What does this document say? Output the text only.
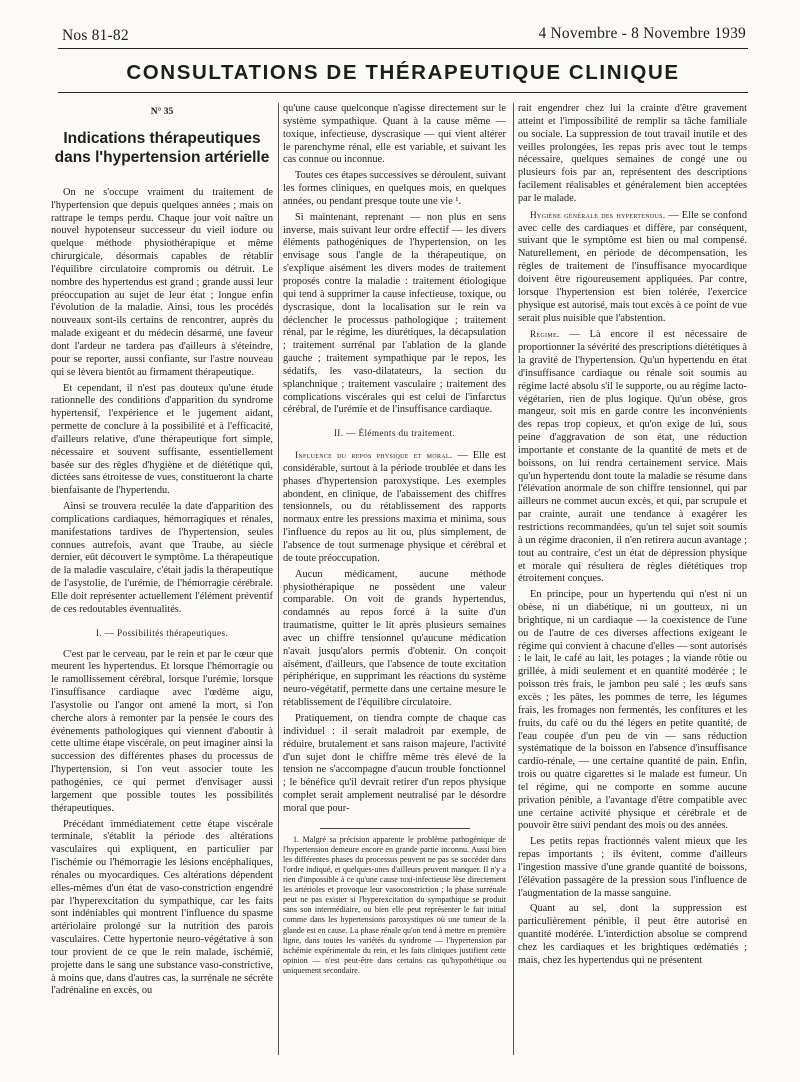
Nos 81-82	4 Novembre - 8 Novembre 1939
CONSULTATIONS DE THÉRAPEUTIQUE CLINIQUE
N° 35
Indications thérapeutiques
dans l'hypertension artérielle

On ne s'occupe vraiment du traitement de l'hypertension que depuis quelques années ; mais on rattrape le temps perdu. Chaque jour voit naître un nouvel hypotenseur successeur du vieil iodure ou quelque méthode physiothérapique et même chirurgicale, désormais capables de rétablir l'équilibre circulatoire compromis ou détruit. Le nombre des hypertendus est grand ; grande aussi leur préoccupation au sujet de leur état ; longue enfin l'évolution de la maladie. Ainsi, tous les procédés nouveaux sont-ils certains de rencontrer, auprès du malade exigeant et du médecin désarmé, une faveur dont l'ardeur ne tardera pas d'ailleurs à s'éteindre, pour se reporter, aussi confiante, sur l'astre nouveau qui se lèvera bientôt au firmament thérapeutique.

Et cependant, il n'est pas douteux qu'une étude rationnelle des conditions d'apparition du syndrome hypertensif, l'expérience et le jugement aidant, permette de conclure à la possibilité et à l'efficacité, d'ailleurs relative, d'une thérapeutique fort simple, nécessaire et souvent suffisante, essentiellement basée sur des règles d'hygiène et de diététique qui, dictées sans étroitesse de vues, constitueront la charte bienfaisante de l'hypertendu.

Ainsi se trouvera reculée la date d'apparition des complications cardiaques, hémorragiques et rénales, manifestations tardives de l'hypertension, seules connues autrefois, avant que Traube, au siècle dernier, eût découvert le symptôme. La thérapeutique de la maladie vasculaire, c'était jadis la thérapeutique de l'asystolie, de l'urémie, de l'hémorragie cérébrale. Elle doit représenter actuellement l'élément préventif de ces redoutables éventualités.

I. — Possibilités thérapeutiques.

C'est par le cerveau, par le rein et par le cœur que meurent les hypertendus. Et lorsque l'hémorragie ou le ramollissement cérébral, lorsque l'urémie, lorsque l'insuffisance cardiaque avec l'œdème aigu, l'asystolie ou l'angor ont amené la mort, si l'on cherche alors à remonter par la pensée le cours des événements pathologiques qui viennent d'aboutir à cette ultime étape viscérale, on peut imaginer ainsi la succession des différentes phases du processus de l'hypertension, si l'on veut associer toute les pathogénies, ce qui permet d'envisager aussi largement que possible toutes les possibilités thérapeutiques.

Précédant immédiatement cette étape viscérale terminale, s'établit la période des altérations vasculaires qui expliquent, en particulier par l'ischémie ou l'hémorragie les lésions encéphaliques, rénales ou myocardiques. Ces altérations dépendent elles-mêmes d'un état de vaso-constriction engendré par l'hyperexcitation du sympathique, car les faits sont indéniables qui montrent l'influence du spasme artériolaire prolongé sur la nutrition des parois vasculaires. Cette hypertonie neuro-végétative à son tour provient de ce que le rein malade, ischémié, projette dans le sang une substance vaso-constrictive, à moins que, dans d'autres cas, la surrénale ne sécrète l'adrénaline en excès, ou

qu'une cause quelconque n'agisse directement sur le système sympathique. Quant à la cause même — toxique, infectieuse, dyscrasique — qui vient altérer le parenchyme rénal, elle est variable, et suivant les cas connue ou inconnue.

Toutes ces étapes successives se déroulent, suivant les formes cliniques, en quelques mois, en quelques années, ou pendant presque toute une vie ¹.

Si maintenant, reprenant — non plus en sens inverse, mais suivant leur ordre effectif — les divers éléments pathogéniques de l'hypertension, on les envisage sous l'angle de la thérapeutique, on s'explique aisément les divers modes de traitement proposés contre la maladie : traitement étiologique qui tend à supprimer la cause infectieuse, toxique, ou dyscrasique, dont la localisation sur le rein va déclencher le processus pathologique ; traitement rénal, par le régime, les diurétiques, la décapsulation ; traitement surrénal par l'ablation de la glande gauche ; traitement sympathique par le repos, les sédatifs, les vaso-dilatateurs, la section du splanchnique ; traitement vasculaire ; traitement des complications viscérales qui est celui de l'infarctus cérébral, de l'urémie et de l'insuffisance cardiaque.

II. — Éléments du traitement.

Influence du repos physique et moral. — Elle est considérable, surtout à la période troublée et dans les phases d'hypertension paroxystique. Les exemples abondent, en clinique, de l'abaissement des chiffres tensionnels, ou du rétablissement des rapports normaux entre les pressions maxima et minima, sous l'influence du repos au lit ou, plus simplement, de l'absence de tout surmenage physique et cérébral et de toute préoccupation.

Aucun médicament, aucune méthode physiothérapique ne possèdent une valeur comparable. On voit de grands hypertendus, condamnés au repos forcé à la suite d'un traumatisme, quitter le lit après plusieurs semaines avec un chiffre tensionnel qu'aucune médication n'avait jusqu'alors permis d'obtenir. On conçoit aisément, d'ailleurs, que l'absence de toute excitation périphérique, en supprimant les réactions du système neuro-végétatif, permette dans une certaine mesure le rétablissement de l'équilibre circulatoire.

Pratiquement, on tiendra compte de chaque cas individuel : il serait maladroit par exemple, de réduire, brutalement et sans raison majeure, l'activité d'un sujet dont le chiffre même très élevé de la tension ne s'accompagne d'aucun trouble fonctionnel ; le bénéfice qu'il devrait retirer d'un repos physique complet serait amplement neutralisé par le désordre moral que pour-

1. Malgré sa précision apparente le problème pathogénique de l'hypertension demeure encore en grande partie inconnu. Aussi bien les différentes phases du processus peuvent ne pas se succéder dans l'ordre indiqué, et quelques-unes d'ailleurs peuvent manquer. Il n'y a rien d'impossible à ce qu'une cause toxi-infectieuse lèse directement les artérioles et provoque leur vasoconstriction ; la phase surrénale peut ne pas exister si l'hyperexcitation du sympathique se produit sans son intermédiaire, ou bien elle peut représenter le fait initial comme dans les hypertensions paroxystiques où une tumeur de la glande est en cause. La phase rénale qu'on tend à mettre en première ligne, dans toutes les variétés du syndrome — l'hypertension par ischémie expérimentale du rein, et les faits cliniques justifient cette opinion — n'est peut-être dans certains cas qu'hypothétique ou uniquement secondaire.

rait engendrer chez lui la crainte d'être gravement atteint et l'impossibilité de remplir sa tâche familiale ou sociale. La suppression de tout travail inutile et des veilles prolongées, les repas pris avec tout le temps nécessaire, quelques semaines de congé une ou plusieurs fois par an, représentent des descriptions facilement réalisables et généralement bien acceptées par le malade.

Hygiène générale des hypertendus. — Elle se confond avec celle des cardiaques et diffère, par conséquent, suivant que le symptôme est bien ou mal compensé. Naturellement, en période de décompensation, les règles de traitement de l'insuffisance myocardique doivent être rigoureusement appliquées. Par contre, lorsque l'hypertension est bien tolérée, l'exercice physique est autorisé, mais tout excès à ce point de vue serait plus nuisible que l'abstention.

Régime. — Là encore il est nécessaire de proportionner la sévérité des prescriptions diététiques à la gravité de l'hypertension. Qu'un hypertendu en état d'insuffisance cardiaque ou rénale soit soumis au régime lacté absolu s'il le supporte, ou au régime lacto-végétarien, rien de plus logique. Qu'un obèse, gros mangeur, soit mis en garde contre les inconvénients des repas trop copieux, et qu'on exige de lui, sous peine d'aggravation de son état, une réduction importante et constante de la quantité de mets et de boissons, on lui rendra certainement service. Mais qu'un hypertendu dont toute la maladie se résume dans l'élévation anormale de son chiffre tensionnel, qui par ailleurs ne commet aucun excès, et qui, par scrupule et par crainte, aurait une tendance à exagérer les restrictions recommandées, qu'un tel sujet soit soumis à un régime draconien, il n'en retirera aucun avantage ; tout au contraire, c'est un état de dépression physique et morale qui résultera de règles diététiques trop étroitement conçues.

En principe, pour un hypertendu qui n'est ni un obèse, ni un diabétique, ni un goutteux, ni un brightique, ni un cardiaque — la coexistence de l'une ou de l'autre de ces diverses affections exigeant le régime qui convient à chacune d'elles — sont autorisés : le lait, le café au lait, les potages ; la viande rôtie ou grillée, à midi seulement et en quantité modérée ; le poisson très frais, le jambon peu salé ; les œufs sans excès ; les pâtes, les pommes de terre, les légumes frais, les fromages non fermentés, les confitures et les fruits, du café ou du thé légers en petite quantité, de l'eau coupée d'un peu de vin — sans réduction systématique de la boisson en l'absence d'insuffisance cardio-rénale, — une certaine quantité de pain. Enfin, trois ou quatre cigarettes si le malade est fumeur. Un tel régime, qui ne comporte en somme aucune privation pénible, a l'avantage d'être compatible avec une certaine activité physique et cérébrale et de pouvoir être suivi pendant des mois ou des années.

Les petits repas fractionnés valent mieux que les repas importants ; ils évitent, comme d'ailleurs l'ingestion massive d'une grande quantité de boissons, l'élévation passagère de la pression sous l'influence de l'augmentation de la masse sanguine.

Quant au sel, dont la suppression est particulièrement pénible, il peut être autorisé en quantité modérée. L'interdiction absolue se comprend chez les cardiaques et les brightiques œdématiés ; mais, chez les hypertendus qui ne présentent
